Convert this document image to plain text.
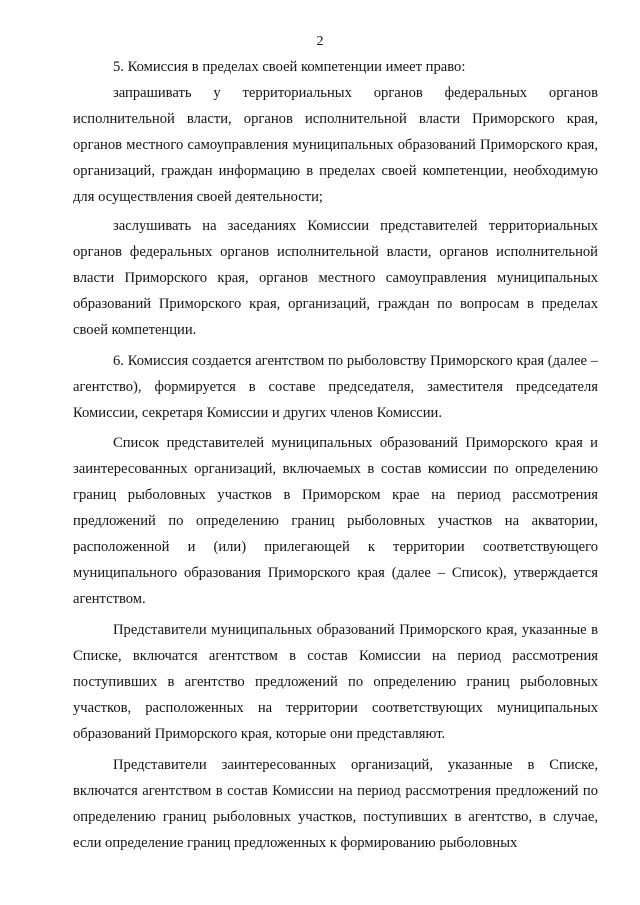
2

5. Комиссия в пределах своей компетенции имеет право:

запрашивать у территориальных органов федеральных органов исполнительной власти, органов исполнительной власти Приморского края, органов местного самоуправления муниципальных образований Приморского края, организаций, граждан информацию в пределах своей компетенции, необходимую для осуществления своей деятельности;

заслушивать на заседаниях Комиссии представителей территориальных органов федеральных органов исполнительной власти, органов исполнительной власти Приморского края, органов местного самоуправления муниципальных образований Приморского края, организаций, граждан по вопросам в пределах своей компетенции.

6. Комиссия создается агентством по рыболовству Приморского края (далее – агентство), формируется в составе председателя, заместителя председателя Комиссии, секретаря Комиссии и других членов Комиссии.

Список представителей муниципальных образований Приморского края и заинтересованных организаций, включаемых в состав комиссии по определению границ рыболовных участков в Приморском крае на период рассмотрения предложений по определению границ рыболовных участков на акватории, расположенной и (или) прилегающей к территории соответствующего муниципального образования Приморского края (далее – Список), утверждается агентством.

Представители муниципальных образований Приморского края, указанные в Списке, включатся агентством в состав Комиссии на период рассмотрения поступивших в агентство предложений по определению границ рыболовных участков, расположенных на территории соответствующих муниципальных образований Приморского края, которые они представляют.

Представители заинтересованных организаций, указанные в Списке, включатся агентством в состав Комиссии на период рассмотрения предложений по определению границ рыболовных участков, поступивших в агентство, в случае, если определение границ предложенных к формированию рыболовных
